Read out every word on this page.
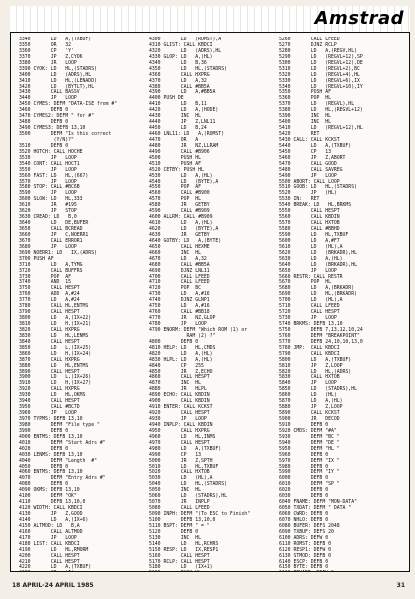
Amstrad
3340       LD   A,(TXBUF)
3350       OR   32
3360       CP   'Y'
3370       JP   Z,CYOK
3380       JR   LOOP
3390 CYOK: LD   HL,(STADRS)
3400       LD   (ADRS),HL
3410       LD   HL,(LENADD)
3420       LD   (BYTLT),HL
3430       CALL BASSV
3440       JP   LOOP
3450 CYMES: DEFM "DATA-ISE from #"
3460       DEFB 0
3470 CYMES2: DEFM " for #"
3480       DEFB 0
3490 CYMES3: DEFB 13,10
3500       DEFM "Is this correct
(Y/N)?"
3510       DEFB 0
3520 HOTCH: CALL HOCHE
3530       JP   LOOP
3540 CONT: CALL HOCT1
3550       JP   LOOP
3560 FAST: LD   HL,(667)
3570       JP   LOOP
3580 STOP: CALL #BC6B
3590       JP   LOOP
3600 SLOW: LD   HL,333
3610       JR   #195
3620       JP   STOP
3630 CREAD: LD   B,0
3640       LD   DE,BUFER
3650       CALL BCREAD
3660       JP   C,NOERR1
3670       CALL ERROR1
3680       JP   LOOP
3690 NOERR1: LD   IX,(ADRS)
3700 PUSH AF
3710       LD   A,TYMG
3720       CALL BUFFRS
3730       POP  AF
3740       AND  15
3750       CALL HESPT
3760       ADD  A,#24
3770       LD   A,#24
3780       CALL HL,ENTMS
3790       CALL HESPT
3800       LD   A,(IX+22)
3810       LD   H,(IX+21)
3820       CALL HXPRG
3830       LD   HL,LENMS
3840       CALL HESPT
3850       LD   L,(IX+25)
3860       LD   H,(IX+24)
3870       CALL HXPRG
3880       LD   HL,ENTMS
3890       CALL HESPT
3900       LD   L,(IX+26)
3910       LD   H,(IX+27)
3920       CALL HXPRG
3930       LD   HL,OKMS
3940       CALL HESPT
3950       CALL #BC7D
3960       JP   LOOP
3970 TYPMS: DEFB 13,10
3980       DEFM "File type "
3990       DEFB 0
4000 ENTMS: DEFB 13,10
4010       DEFM "Start Adrs #"
4020       DEFB 0
4030 LENMS: DEFB 13,10
4040       DEFM "Length  #"
4050       DEFB 0
4060 ENTMS: DEFB 13,10
4070       DEFM "Entry Adrs #"
4080       DEFB 0
4090 OKMS: DEFB 13,10
4100       DEFM "OK"
4110       DEFB 13,10,0
4120 WIDTH: CALL KBDCI
4130       JP   Z,GOOD
4140       LD   A,(IX+6)
4150 ALTMOD: LD   B,A
4160       CALL ALTMOD
4170       JP   LOOP
4180 LIST: CALL KBDCI
4190       LD   HL,RMORM
4200       CALL HESPT
4210       CALL HESPT
4220       LD   A,(TXBUF)
4300       LD   (ROMST),A
4310 GLIST: CALL KBDCI
4320       LD   (ADRS),HL
4330 GLOP: LD   A,(HL)
4340       LD   B,36
4350       LD   HL,(STADRS)
4360       CALL HXPRG
4370       LD   A,32
4380       CALL #BB5A
4390       LD   A,#BB5A
4400 PUSH DE
4410       LD   B,11
4420       LD   A,(HODE)
4430       INC  HL
4440       JP   Z,LNL11
4450       LD   B,24
4460 LNL11: LD   A,(ROMST)
4470       OR   A
4480       JR   NZ,LLRAM
4490       CALL #B906
4500       PUSH HL
4510       PUSH AF
4520 CETBY: PUSH HL
4530       LD   A,(HL)
4540       LD   (BYTE),A
4550       POP  AF
4560       CALL #B900
4570       POP  HL
4580       JR   GETBY
4590       CALL #B909
4600 ALLRM: CALL #B909
4610       LD   A,(HL)
4620       LD   (BYTE),A
4630       JR   GETBY
4640 GOTBY: LD   A,(BYTE)
4650       CALL HEXME
4660       INC  HL
4670       LD   A,32
4680       CALL #BB5A
4690       DJNZ LNL11
4700       CALL LFEED
4710       CALL LFEED
4720       POP  BC
4730       LD   A,#16
4740       DJNZ GLNP1
4750       LD   A,#16
4760       CALL #BB18
4770       JR   NZ,GLOP
4780       JP   LOOP
4790 ENORM: DEFM "Which ROM (1) or
RAM (2) ?"
4800       DEFB 0
4810 HELP: LD   HL,CMDS
4820       LD   A,(HL)
4830 HLPL: LD   A,(HL)
4840       CP   255
4850       JR   Z,ECHO
4860       CALL HESPT
4870       INC  HL
4880       JR   HLPL
4890 ECHO: CALL KBDIN
4900       CALL KBDIN
4910 ENTER: CALL KCKST
4920       CALL HESPT
4930       JP   LOOP
4940 INPLP: CALL KBDIN
4950       CALL HXPRG
4960       LD   HL,INMS
4970       CALL HESPT
4980       LD   A,(TXBUF)
4990       CP   13
5000       JR   Z,SPTH
5010       LD   HL,TXBUF
5020       CALL HXTOB
5030       LD   (HL),A
5040       LD   HL,(STADRS)
5050       INC  HL
5060       LD   (STADRS),HL
5070       JR   INPLP
5080       CALL LFEED
5090 INPH: DEFM "(To ESC to Finish"
5100       DEFB 13,10,0
5110 BSPT: DEFM " = "
5120       DEFB 0
5130       INC  HL
5140       LD   HL,RCHRS
5150 RESP: LD   IX,RESP1
5160       CALL HESPT
5170 RCLP: CALL HESPT
5180       LD   (IX+1)
5260       CALL LFEED
5270       DJNZ RCLP
5280       LD   A,(REGV,HL)
5290       LD   (REGVL+12),SP
5300       LD   (REGVL+12),DE
5310       LD   (REGVL+2),BC
5320       LD   (REGVL+4),HL
5330       LD   (REGVL+6),IX
5340       LD   (REGVL+10),IY
5350       PUSH AF
5360       POP  HL
5370       LD   (REGVL),HL
5380       LD   HL,(REGVL+12)
5390       INC  HL
5400       INC  HL
5410       LD   (REGVL+12),HL
5420       RET
5430 CALL: CALL KCKST
5440       LD   A,(TXBUF)
5450       CP   13
5460       JP   Z,ABORT
5470       CALL GOOD
5480       CALL SAVREG
5490       JP   LOOP
5500 ABORT: CALL LOOP
5510 GOOB: LD   HL,(STADRS)
5520       JP   (HL)
5530 IN:   RET
5540 BREAK: LD   HL,BRKMS
5550       CALL HESPT
5560       CALL KBDIN
5570       CALL HXTOB
5580       CALL #BBHD
5590       LD   HL,TXBUF
5600       LD   A,#F7
5610       LD   (HL),A
5620       LD   (BRKADR),HL
5630       LD   A,(HL)
5640       LD   (BRKADR),HL
5650       JP   LOOP
5660 RESTR: CALL RESTR
5670       POP  HL
5680       LD   A,(BRKADR)
5690       LD   HL,(BRKADR)
5700       LD   (HL),A
5710       CALL LFEED
5720       CALL HESPT
5730       JP   LOOP
5740 BRKMS: DEFB 13,10
5750       DEFB 7,13,12,10,24
5760       DEFM "BREAKPOINT"
5770       DEFB 24,10,10,13,0
5780 JMP:  CALL KBDCI
5790       CALL KBDCI
5800       LD   A,(TXBUF)
5810       JP   Z,LOOP
5820       LD   HL,(ADRS)
5830       CALL HXTOB
5840       JP   LOOP
5850       LD   (STADRS),HL
5860       LD   (HL)
5870       LD   A,(HL)
5880       JP   Z,LOOP
5890       CALL KCKST
5900       JR   DECOD
5910       DEFB 0
5920 CMDS: DEFM "#A"
5930       DEFM "BC "
5940       DEFM "DE "
5950       DEFM "HL "
5960       DEFB 0
5970       DEFM "IX "
5980       DEFB 0
5990       DEFM "IY "
6000       DEFB 0
6010       DEFM "SP "
6020       DEFB 0
6030       DEFB 0
6040 FNAME: DEFM "MON-DATA"
6050 TXDAT: DEFM " DATA "
6060 CWRD: DEFB 0
6070 NHLO: DEFB 0
6080 BUFER: DEFS 2048
6090 TXBUF: DEFS 20
6100 ADRS: DEFW 0
6110 ROMST: DEFB 0
6120 RESP1: DEFW 0
6130 STMOD: DEFB 0
6140 ESCP: DEFB 0
6150 BYTE: DEFB 0
18 APRIL-24 APRIL 1985	31
